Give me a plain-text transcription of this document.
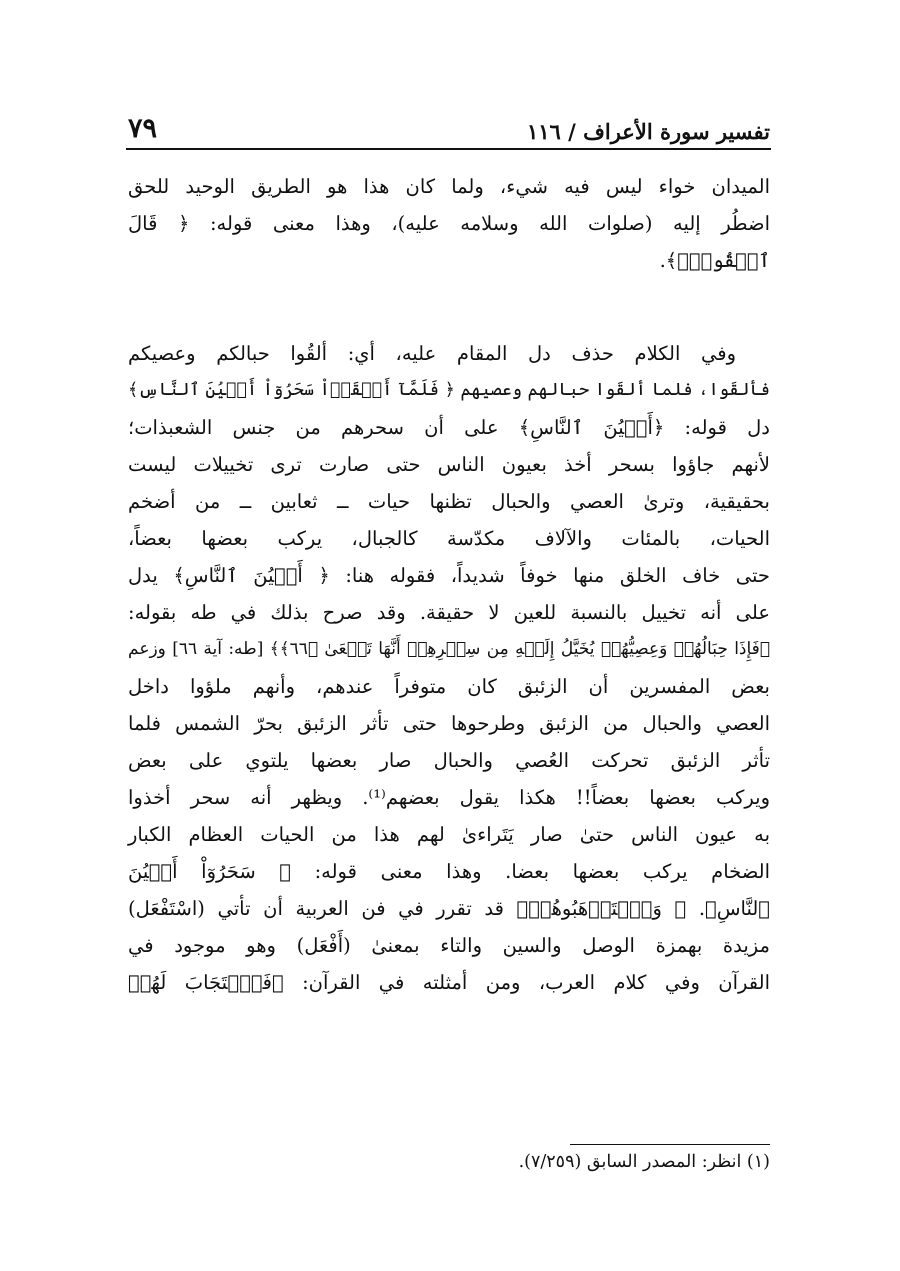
تفسير سورة الأعراف / ١١٦
٧٩
الميدان خواء ليس فيه شيء، ولما كان هذا هو الطريق الوحيد للحق
اضطُر إليه (صلوات الله وسلامه عليه)، وهذا معنى قوله: ﴿ قَالَ
ٱلۡقُواْۖ﴾.
وفي الكلام حذف دل المقام عليه، أي: ألقُوا حبالكم وعصيكم
فألقَوا، فلما ألقَوا حبالهم وعصيهم ﴿ فَلَمَّآ أَلۡقَوۡاْ سَحَرُوٓاْ أَعۡيُنَ ٱلنَّاسِ﴾
دل قوله: ﴿أَعۡيُنَ ٱلنَّاسِ﴾ على أن سحرهم من جنس الشعبذات؛
لأنهم جاؤوا بسحر أخذ بعيون الناس حتى صارت ترى تخييلات ليست
بحقيقية، وترىٰ العصي والحبال تظنها حيات ــ ثعابين ــ من أضخم
الحيات، بالمئات والآلاف مكدّسة كالجبال، يركب بعضها بعضاً،
حتى خاف الخلق منها خوفاً شديداً، فقوله هنا: ﴿ أَعۡيُنَ ٱلنَّاسِ﴾ يدل
على أنه تخييل بالنسبة للعين لا حقيقة. وقد صرح بذلك في طه بقوله:
﴿فَإِذَا حِبَالُهُمۡ وَعِصِيُّهُمۡ يُخَيَّلُ إِلَيۡهِ مِن سِحۡرِهِمۡ أَنَّهَا تَسۡعَىٰ ﴿٦٦﴾﴾ [طه: آية ٦٦] وزعم
بعض المفسرين أن الزئبق كان متوفراً عندهم، وأنهم ملؤوا داخل
العصي والحبال من الزئبق وطرحوها حتى تأثر الزئبق بحرّ الشمس فلما
تأثر الزئبق تحركت العُصي والحبال صار بعضها يلتوي على بعض
ويركب بعضها بعضاً!! هكذا يقول بعضهم⁽¹⁾. ويظهر أنه سحر أخذوا
به عيون الناس حتىٰ صار يَتَراءىٰ لهم هذا من الحيات العظام الكبار
الضخام يركب بعضها بعضا. وهذا معنى قوله: ﴿ سَحَرُوٓاْ أَعۡيُنَ
ٱلنَّاسِ﴾. ﴿ وَٱسۡتَرۡهَبُوهُمۡ﴾ قد تقرر في فن العربية أن تأتي (اسْتَفْعَل)
مزيدة بهمزة الوصل والسين والتاء بمعنىٰ (أَفْعَل) وهو موجود في
القرآن وفي كلام العرب، ومن أمثلته في القرآن: ﴿فَٱسۡتَجَابَ لَهُمۡ
(١) انظر: المصدر السابق (٧/٢٥٩).
